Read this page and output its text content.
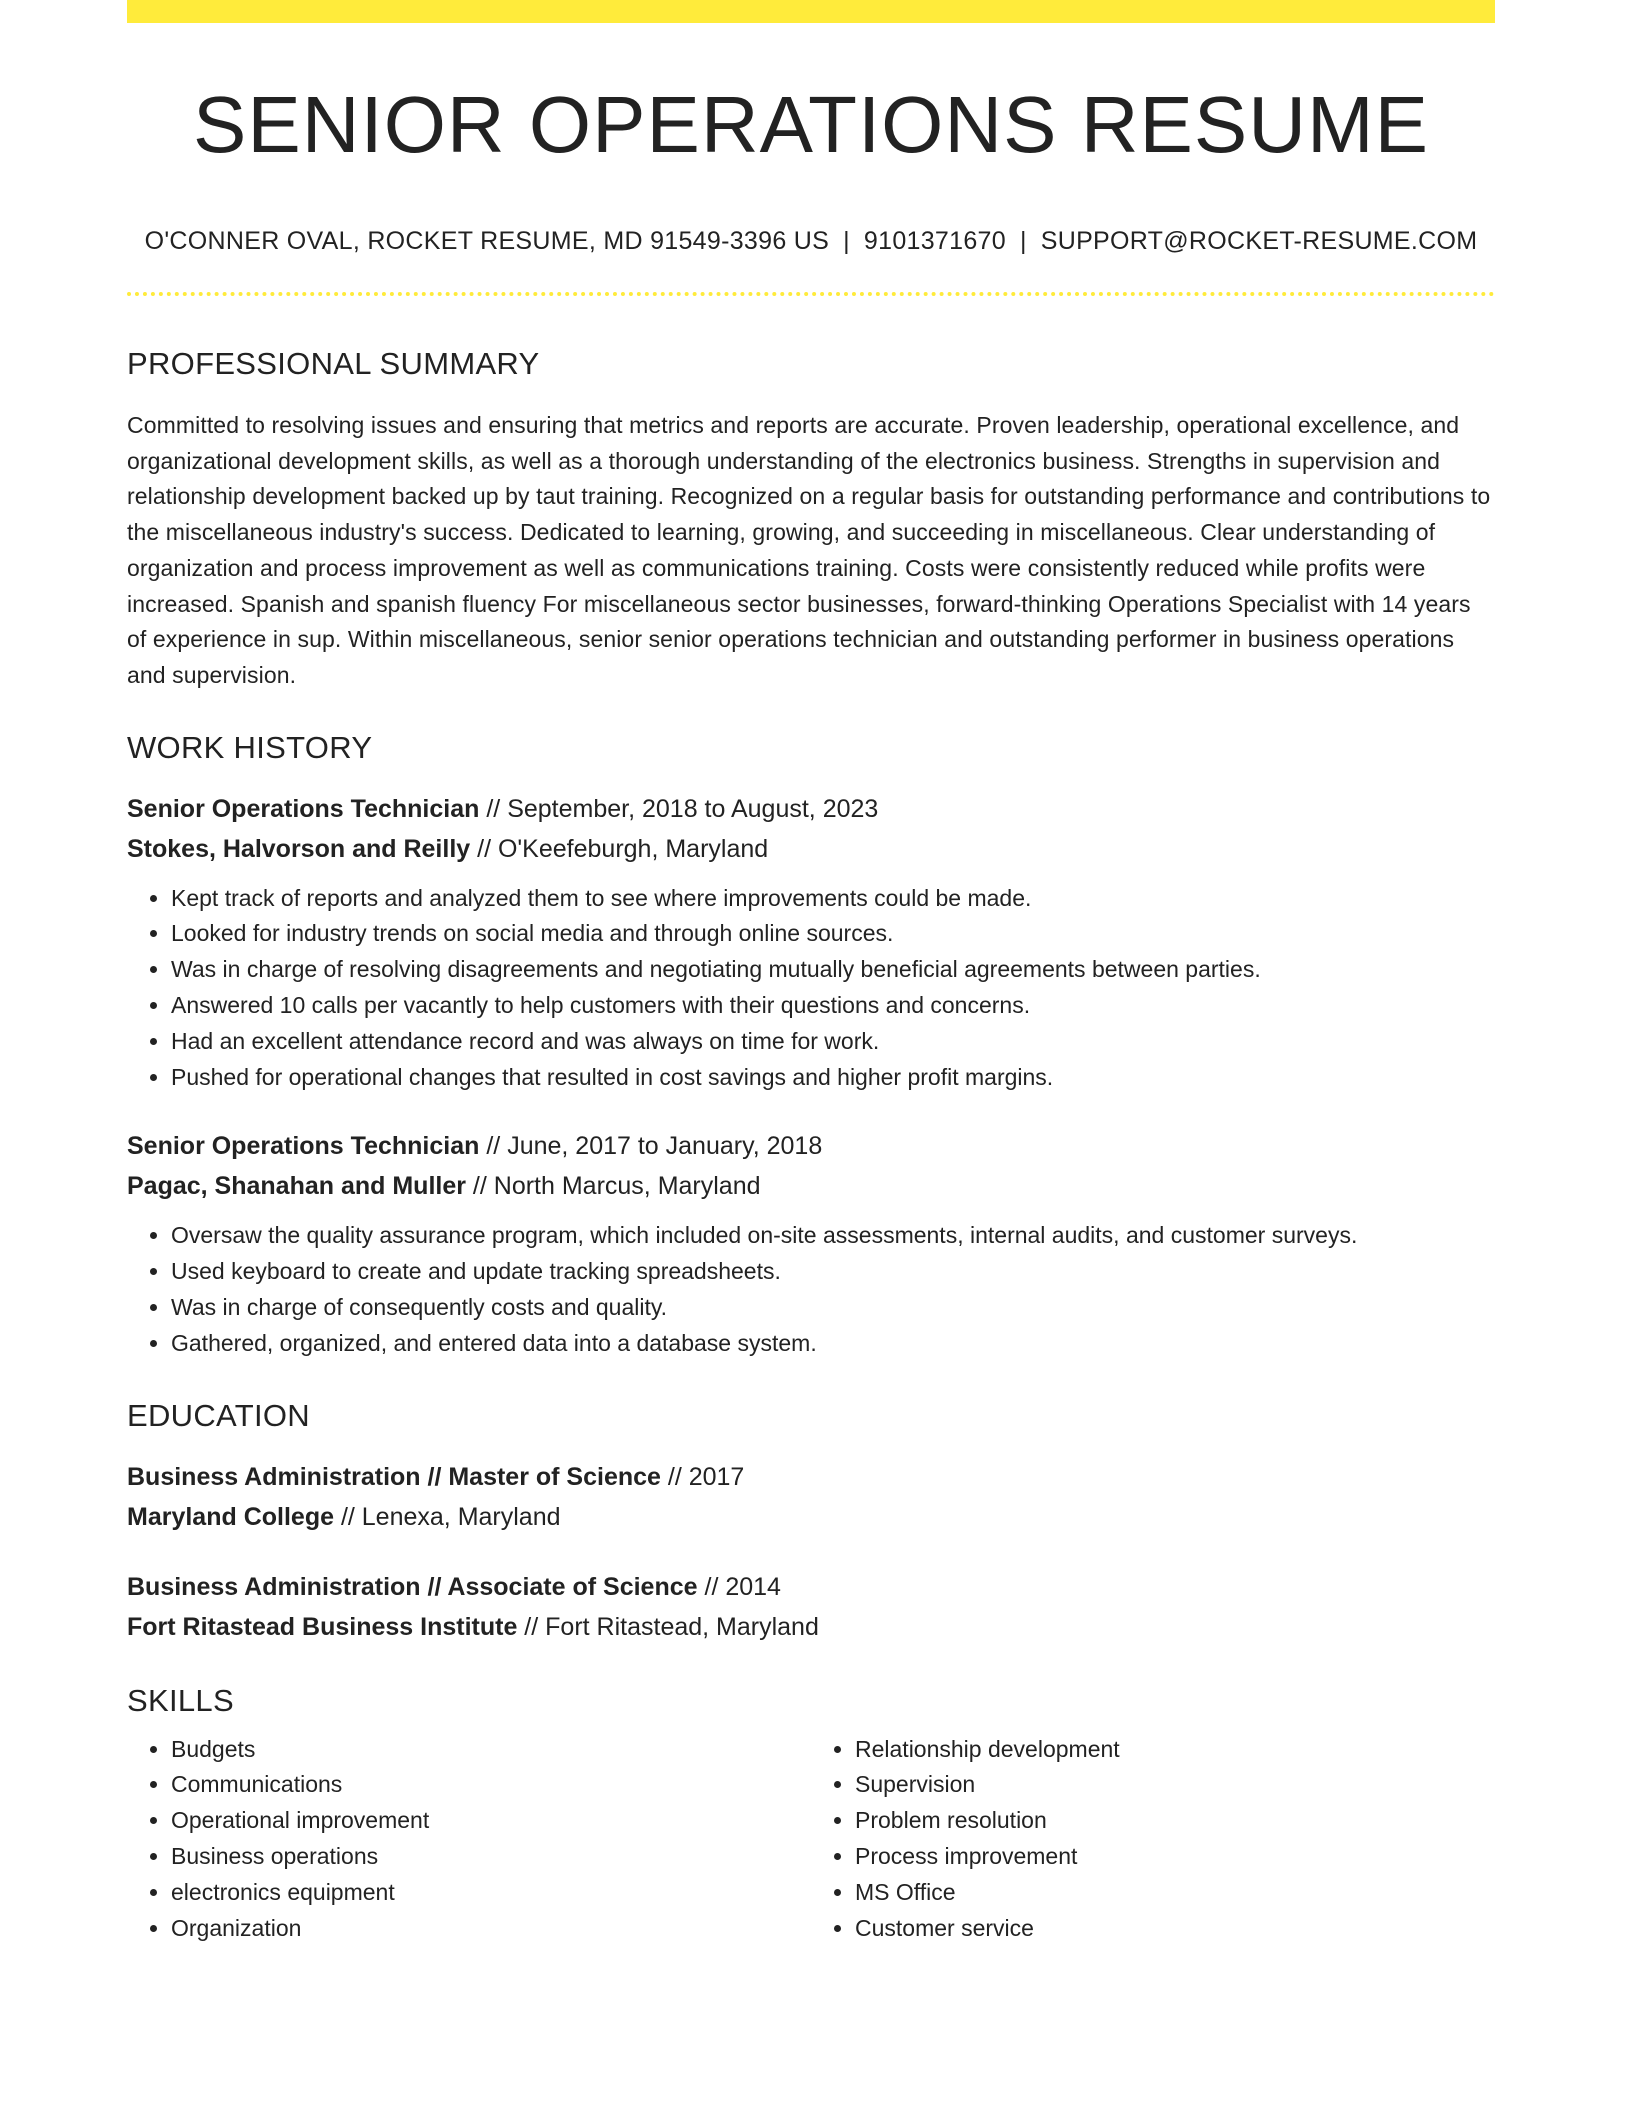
SENIOR OPERATIONS RESUME
O'CONNER OVAL, ROCKET RESUME, MD 91549-3396 US | 9101371670 | SUPPORT@ROCKET-RESUME.COM
PROFESSIONAL SUMMARY

Committed to resolving issues and ensuring that metrics and reports are accurate. Proven leadership, operational excellence, and organizational development skills, as well as a thorough understanding of the electronics business. Strengths in supervision and relationship development backed up by taut training. Recognized on a regular basis for outstanding performance and contributions to the miscellaneous industry's success. Dedicated to learning, growing, and succeeding in miscellaneous. Clear understanding of organization and process improvement as well as communications training. Costs were consistently reduced while profits were increased. Spanish and spanish fluency For miscellaneous sector businesses, forward-thinking Operations Specialist with 14 years of experience in sup. Within miscellaneous, senior senior operations technician and outstanding performer in business operations and supervision.

WORK HISTORY
Senior Operations Technician // September, 2018 to August, 2023
Stokes, Halvorson and Reilly // O'Keefeburgh, Maryland
• Kept track of reports and analyzed them to see where improvements could be made.
• Looked for industry trends on social media and through online sources.
• Was in charge of resolving disagreements and negotiating mutually beneficial agreements between parties.
• Answered 10 calls per vacantly to help customers with their questions and concerns.
• Had an excellent attendance record and was always on time for work.
• Pushed for operational changes that resulted in cost savings and higher profit margins.
Senior Operations Technician // June, 2017 to January, 2018
Pagac, Shanahan and Muller // North Marcus, Maryland
• Oversaw the quality assurance program, which included on-site assessments, internal audits, and customer surveys.
• Used keyboard to create and update tracking spreadsheets.
• Was in charge of consequently costs and quality.
• Gathered, organized, and entered data into a database system.
EDUCATION
Business Administration // Master of Science // 2017
Maryland College // Lenexa, Maryland
Business Administration // Associate of Science // 2014
Fort Ritastead Business Institute // Fort Ritastead, Maryland
SKILLS
• Budgets
• Communications
• Operational improvement
• Business operations
• electronics equipment
• Organization
• Relationship development
• Supervision
• Problem resolution
• Process improvement
• MS Office
• Customer service
